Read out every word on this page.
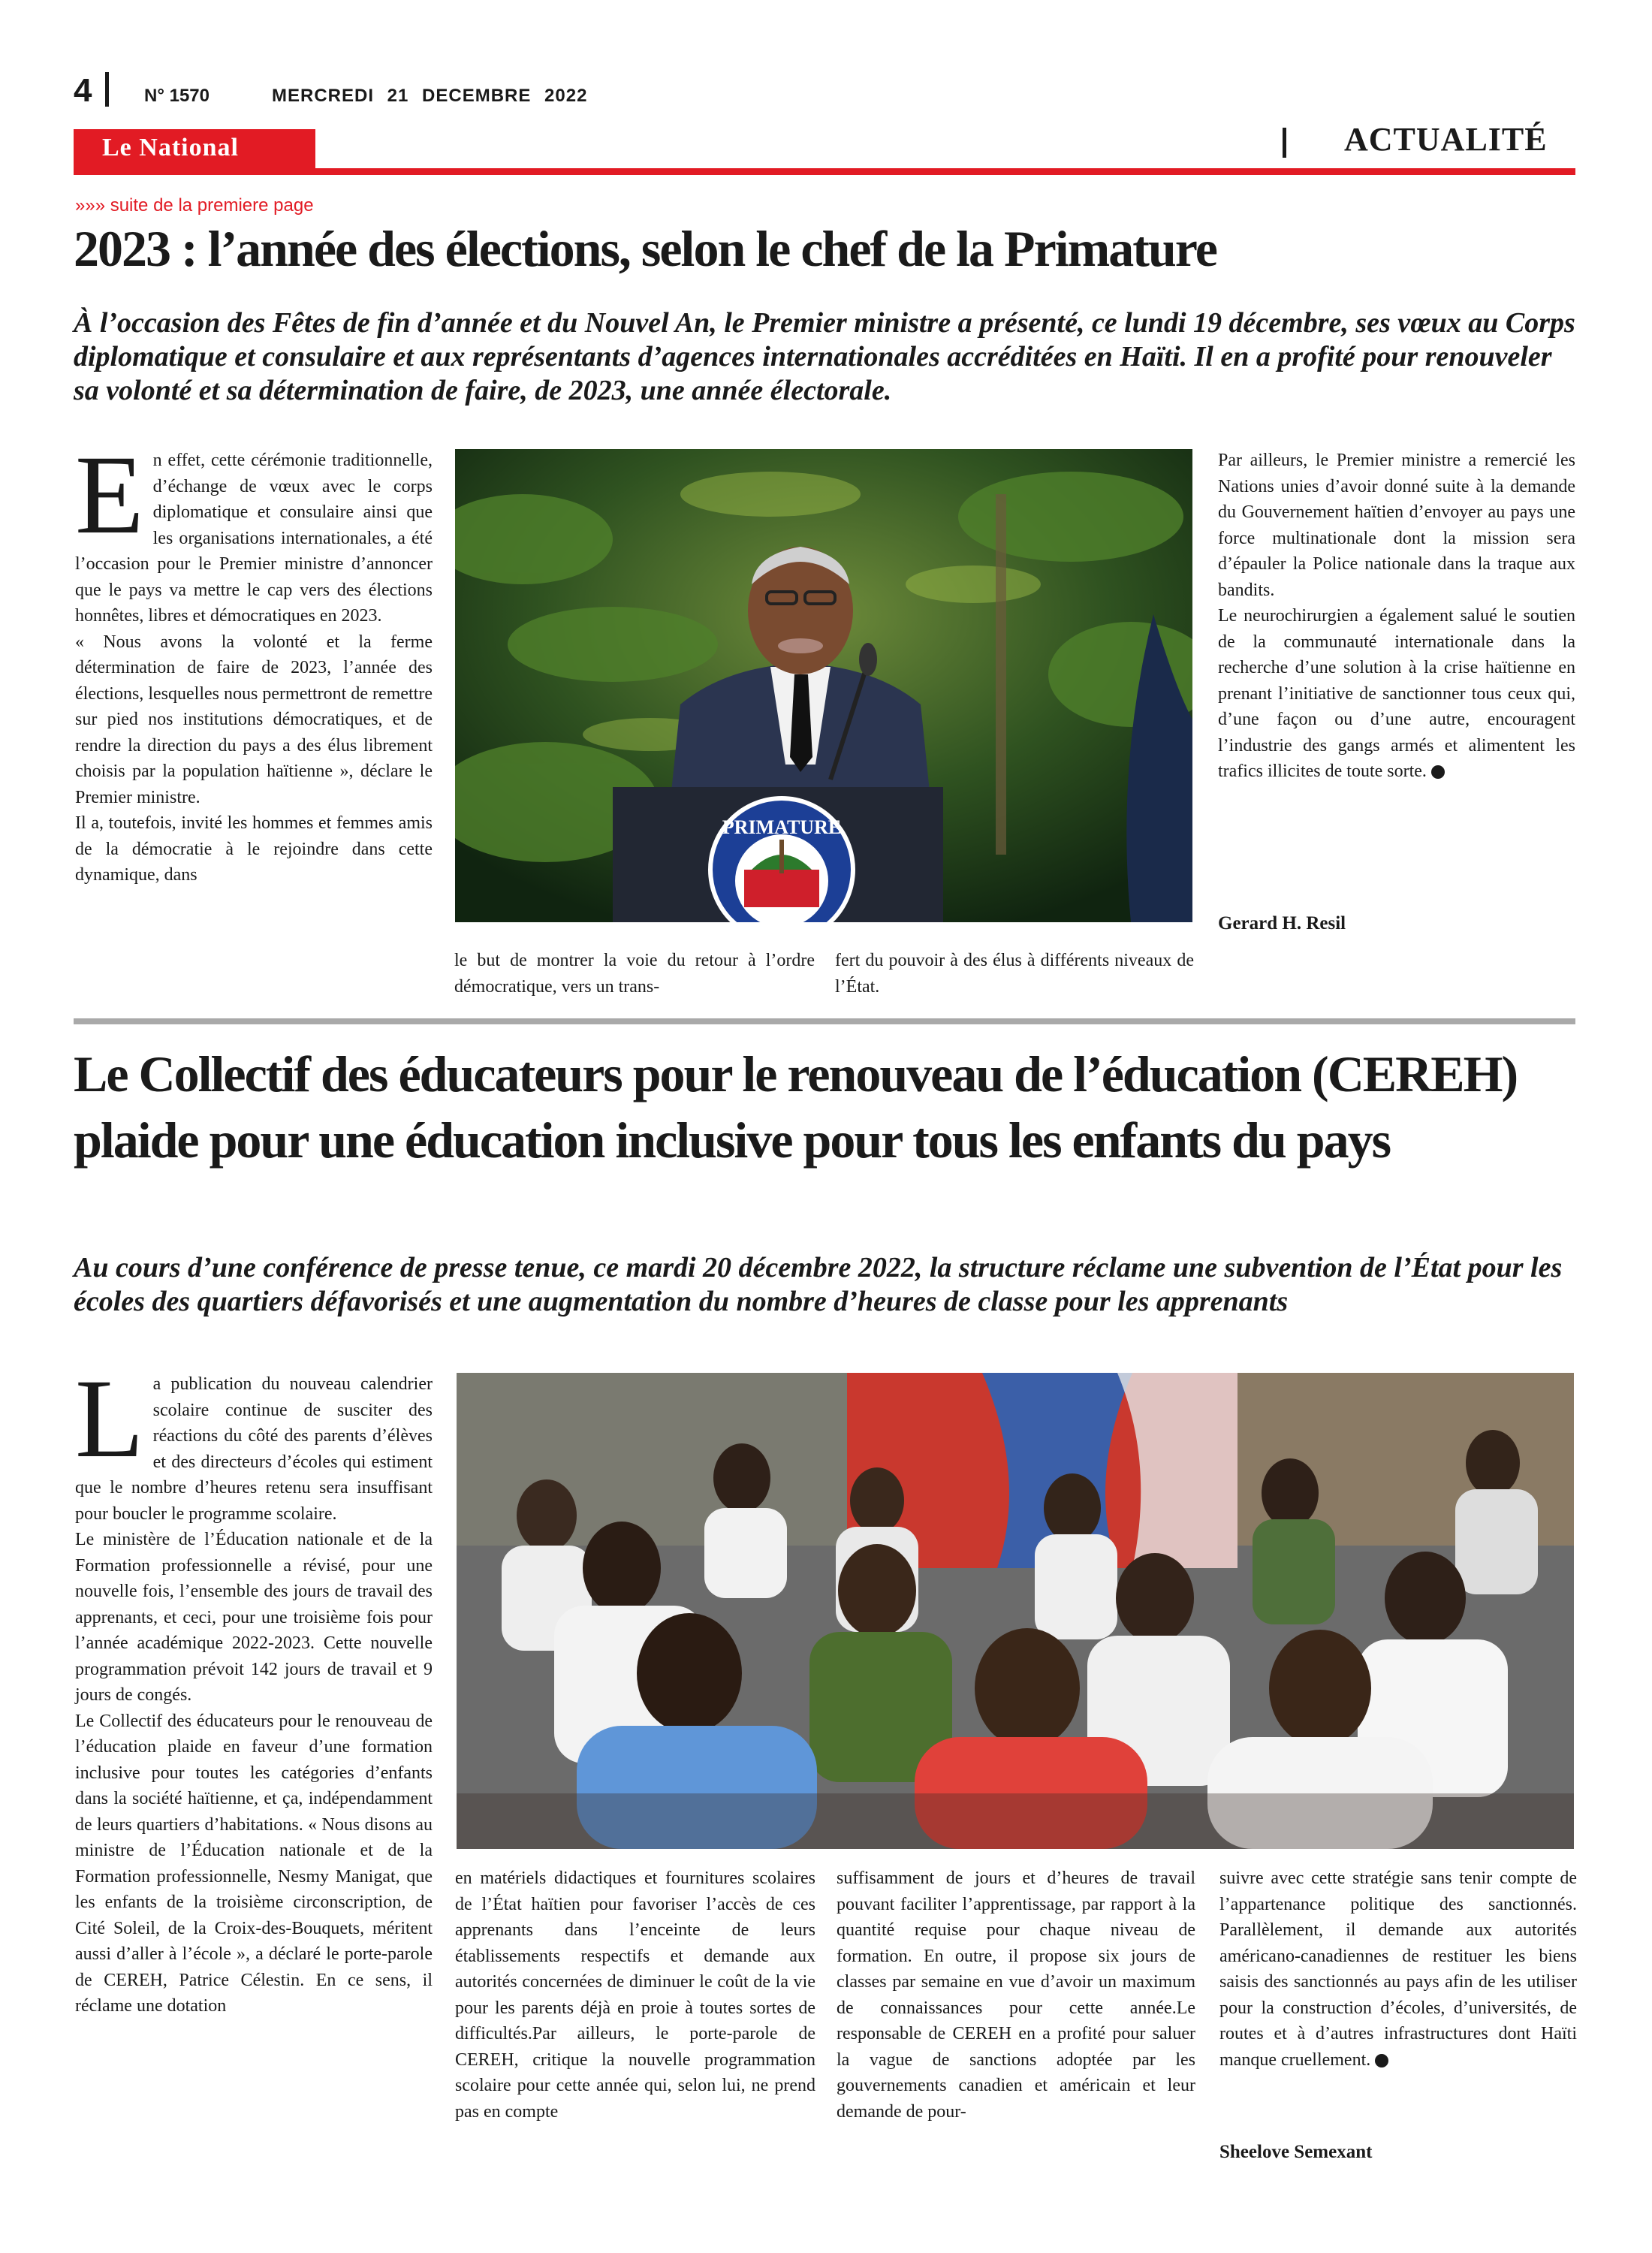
4	N° 1570	MERCREDI 21 DECEMBRE 2022
Le National	ACTUALITÉ
»»» suite de la premiere page
2023 : l’année des élections, selon le chef de la Primature
À l’occasion des Fêtes de fin d’année et du Nouvel An, le Premier ministre a présenté, ce lundi 19 décembre, ses vœux au Corps diplomatique et consulaire et aux représentants d’agences internationales accréditées en Haïti. Il en a profité pour renouveler sa volonté et sa détermination de faire, de 2023, une année électorale.
E n effet, cette cérémonie traditionnelle, d’échange de vœux avec le corps diplomatique et consulaire ainsi que les organisations internationales, a été l’occasion pour le Premier ministre d’annoncer que le pays va mettre le cap vers des élections honnêtes, libres et démocratiques en 2023.

« Nous avons la volonté et la ferme détermination de faire de 2023, l’année des élections, lesquelles nous permettront de remettre sur pied nos institutions démocratiques, et de rendre la direction du pays a des élus librement choisis par la population haïtienne », déclare le Premier ministre.

Il a, toutefois, invité les hommes et femmes amis de la démocratie à le rejoindre dans cette dynamique, dans

PRIMATURE

le but de montrer la voie du retour à l’ordre démocratique, vers un trans-

fert du pouvoir à des élus à différents niveaux de l’État.

Par ailleurs, le Premier ministre a remercié les Nations unies d’avoir donné suite à la demande du Gouvernement haïtien d’envoyer au pays une force multinationale dont la mission sera d’épauler la Police nationale dans la traque aux bandits.

Le neurochirurgien a également salué le soutien de la communauté internationale dans la recherche d’une solution à la crise haïtienne en prenant l’initiative de sanctionner tous ceux qui, d’une façon ou d’une autre, encouragent l’industrie des gangs armés et alimentent les trafics illicites de toute sorte.

Gerard H. Resil
Le Collectif des éducateurs pour le renouveau de l’éducation (CEREH) plaide pour une éducation inclusive pour tous les enfants du pays
Au cours d’une conférence de presse tenue, ce mardi 20 décembre 2022, la structure réclame une subvention de l’État pour les écoles des quartiers défavorisés et une augmentation du nombre d’heures de classe pour les apprenants
L a publication du nouveau calendrier scolaire continue de susciter des réactions du côté des parents d’élèves et des directeurs d’écoles qui estiment que le nombre d’heures retenu sera insuffisant pour boucler le programme scolaire.

Le ministère de l’Éducation nationale et de la Formation professionnelle a révisé, pour une nouvelle fois, l’ensemble des jours de travail des apprenants, et ceci, pour une troisième fois pour l’année académique 2022-2023. Cette nouvelle programmation prévoit 142 jours de travail et 9 jours de congés.

Le Collectif des éducateurs pour le renouveau de l’éducation plaide en faveur d’une formation inclusive pour toutes les catégories d’enfants dans la société haïtienne, et ça, indépendamment de leurs quartiers d’habitations. « Nous disons au ministre de l’Éducation nationale et de la Formation professionnelle, Nesmy Manigat, que les enfants de la troisième circonscription, de Cité Soleil, de la Croix-des-Bouquets, méritent aussi d’aller à l’école », a déclaré le porte-parole de CEREH, Patrice Célestin. En ce sens, il réclame une dotation

en matériels didactiques et fournitures scolaires de l’État haïtien pour favoriser l’accès de ces apprenants dans l’enceinte de leurs établissements respectifs et demande aux autorités concernées de diminuer le coût de la vie pour les parents déjà en proie à toutes sortes de difficultés.Par ailleurs, le porte-parole de CEREH, critique la nouvelle programmation scolaire pour cette année qui, selon lui, ne prend pas en compte

suffisamment de jours et d’heures de travail pouvant faciliter l’apprentissage, par rapport à la quantité requise pour chaque niveau de formation. En outre, il propose six jours de classes par semaine en vue d’avoir un maximum de connaissances pour cette année.Le responsable de CEREH en a profité pour saluer la vague de sanctions adoptée par les gouvernements canadien et américain et leur demande de pour-

suivre avec cette stratégie sans tenir compte de l’appartenance politique des sanctionnés. Parallèlement, il demande aux autorités américano-canadiennes de restituer les biens saisis des sanctionnés au pays afin de les utiliser pour la construction d’écoles, d’universités, de routes et à d’autres infrastructures dont Haïti manque cruellement.

Sheelove Semexant
